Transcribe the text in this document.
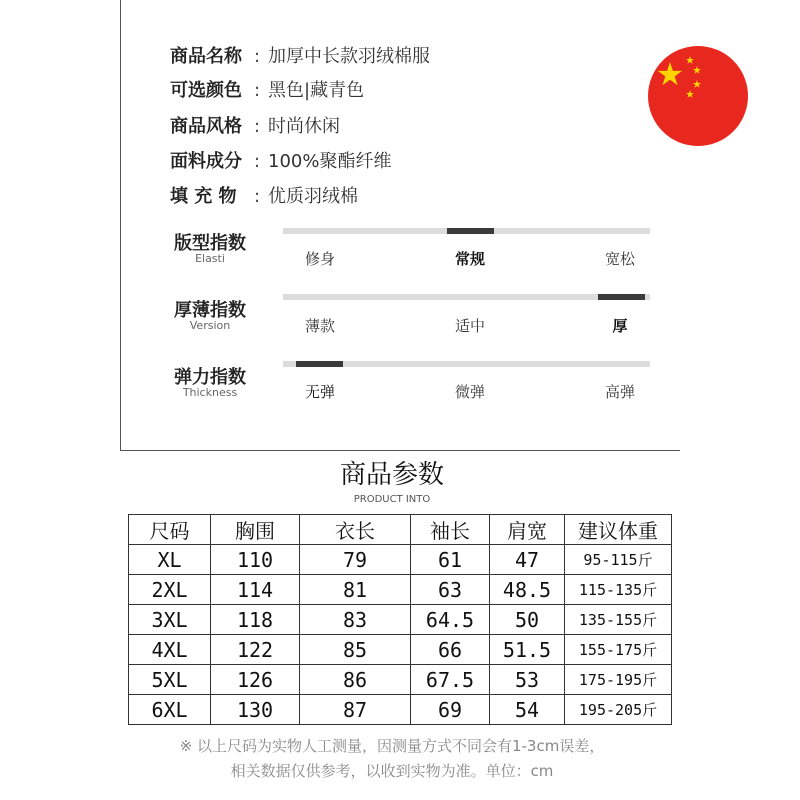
商品名称 : 加厚中长款羽绒棉服
可选颜色 : 黑色|藏青色
商品风格 : 时尚休闲
面料成分 : 100%聚酯纤维
填 充 物 : 优质羽绒棉
版型指数
Elasti	修身	常规	宽松
厚薄指数
Version	薄款	适中	厚
弹力指数
Thickness	无弹	微弹	高弹
商品参数
PRODUCT INTO
尺码	胸围	衣长	袖长	肩宽	建议体重
XL	110	79	61	47	95-115斤
2XL	114	81	63	48.5	115-135斤
3XL	118	83	64.5	50	135-155斤
4XL	122	85	66	51.5	155-175斤
5XL	126	86	67.5	53	175-195斤
6XL	130	87	69	54	195-205斤
※ 以上尺码为实物人工测量，因测量方式不同会有1-3cm误差，
相关数据仅供参考，以收到实物为准。单位：cm
